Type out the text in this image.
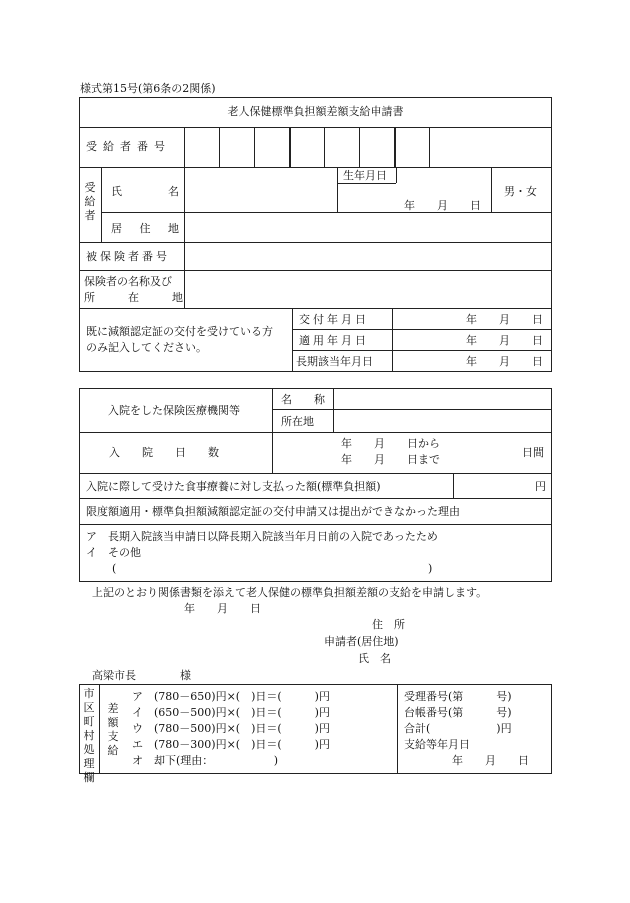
様式第15号(第6条の2関係)
老人保健標準負担額差額支給申請書
受給者番号
受給者
氏名
生年月日
年　　月　　日
男・女
居住地
被保険者番号
保険者の名称及び
所　　　在　　　地
既に減額認定証の交付を受けている方
のみ記入してください。
交付年月日
適用年月日
長期該当年月日
年　　月　　日
年　　月　　日
年　　月　　日
入院をした保険医療機関等
名　　称
所在地
入　　院　　日　　数
年　　月　　日から
年　　月　　日まで
日間
入院に際して受けた食事療養に対し支払った額(標準負担額)	円
限度額適用・標準負担額減額認定証の交付申請又は提出ができなかった理由
ア　長期入院該当申請日以降長期入院該当年月日前の入院であったため
イ　その他
(	)
上記のとおり関係書類を添えて老人保健の標準負担額差額の支給を申請します。
年　　月　　日
住　所
申請者(居住地)
氏　名
高梁市長　　　　様
市区町村処理欄
差額支給
ア　(780－650)円×(　)日＝(　　　)円
イ　(650－500)円×(　)日＝(　　　)円
ウ　(780－500)円×(　)日＝(　　　)円
エ　(780－300)円×(　)日＝(　　　)円
オ　却下(理由：　　　　　　)
受理番号(第　　　号)
台帳番号(第　　　号)
合計(　　　　　　)円
支給等年月日
年　　月　　日
